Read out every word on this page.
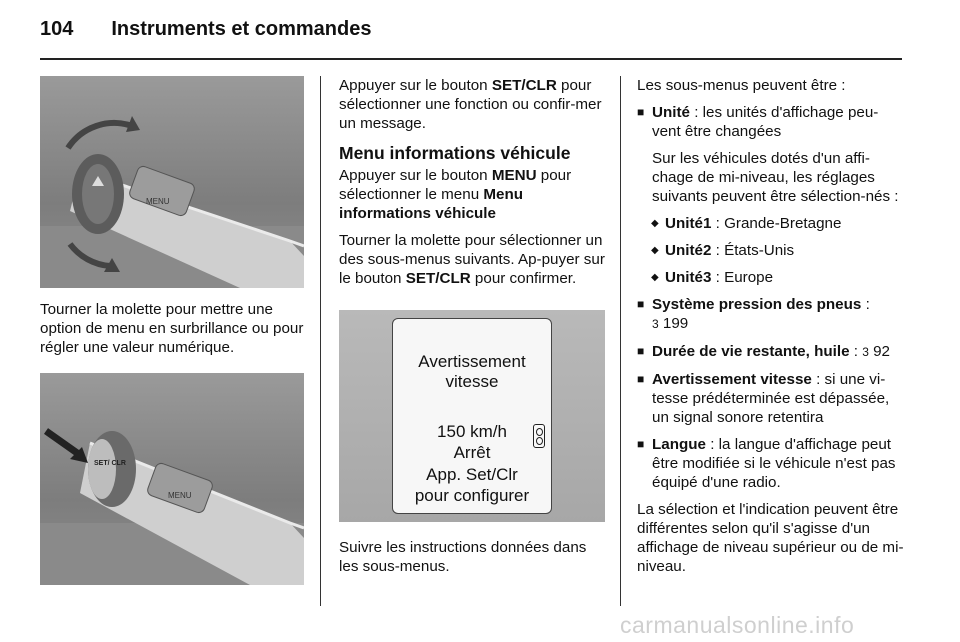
104 Instruments et commandes
MENU

Tourner la molette pour mettre une option de menu en surbrillance ou pour régler une valeur numérique.

SET/ CLR
MENU

Appuyer sur le bouton SET/CLR pour sélectionner une fonction ou confir-mer un message.

Menu informations véhicule

Appuyer sur le bouton MENU pour sélectionner le menu Menu informations véhicule

Tourner la molette pour sélectionner un des sous-menus suivants. Ap-puyer sur le bouton SET/CLR pour confirmer.

Avertissement
vitesse
150 km/h
Arrêt
App. Set/Clr
pour configurer

Suivre les instructions données dans les sous-menus.

Les sous-menus peuvent être :

■ Unité : les unités d'affichage peu-vent être changées
Sur les véhicules dotés d'un affi-chage de mi-niveau, les réglages suivants peuvent être sélection-nés :
◆ Unité1 : Grande-Bretagne
◆ Unité2 : États-Unis
◆ Unité3 : Europe
■ Système pression des pneus :
3 199
■ Durée de vie restante, huile : 3 92
■ Avertissement vitesse : si une vi-tesse prédéterminée est dépassée, un signal sonore retentira
■ Langue : la langue d'affichage peut être modifiée si le véhicule n'est pas équipé d'une radio.

La sélection et l'indication peuvent être différentes selon qu'il s'agisse d'un affichage de niveau supérieur ou de mi-niveau.

carmanualsonline.info
